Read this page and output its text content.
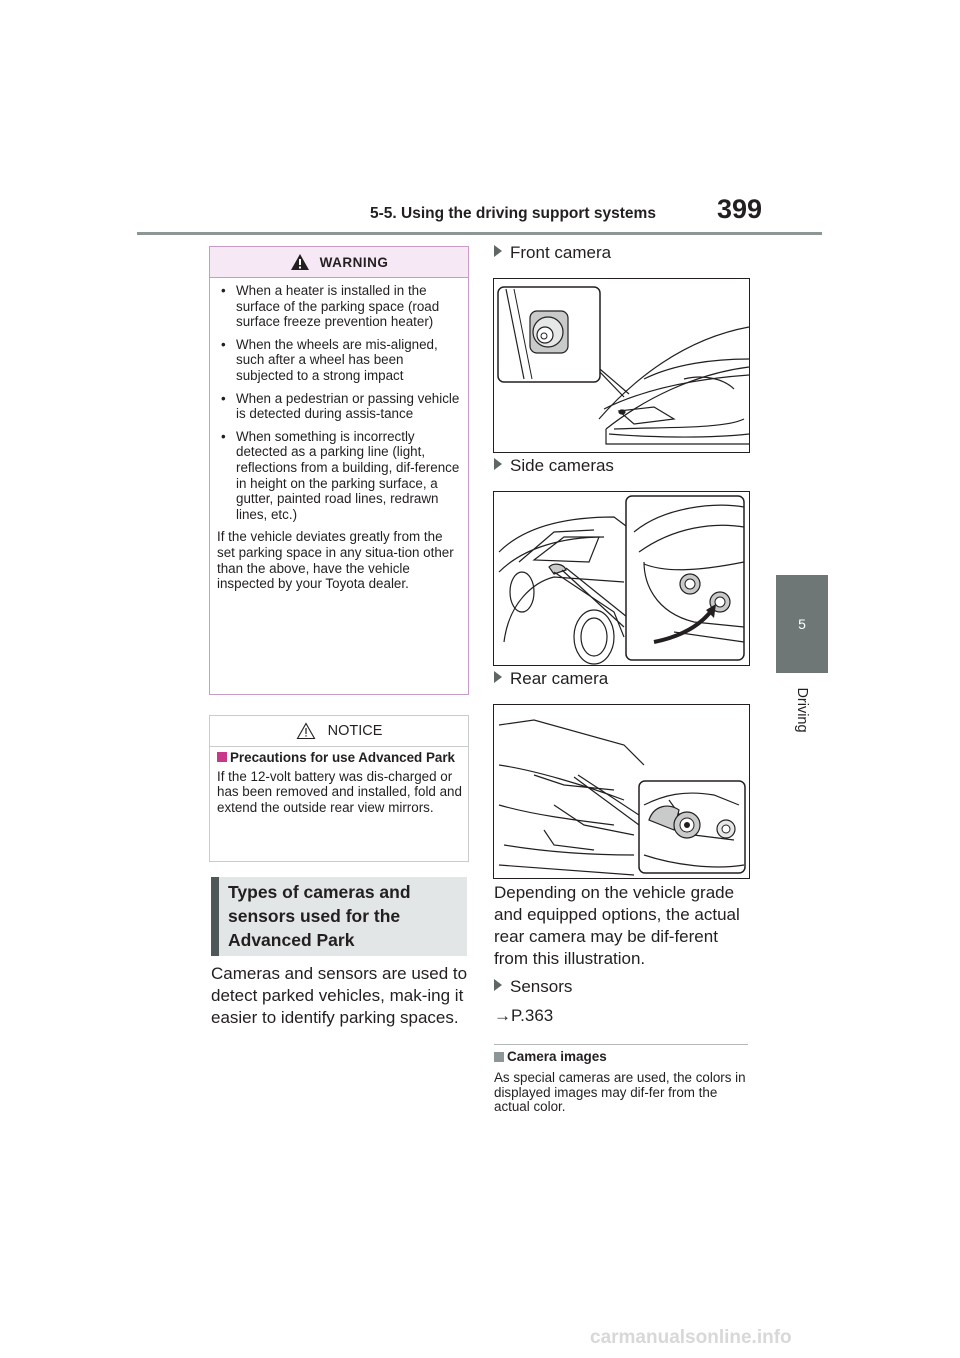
5-5. Using the driving support systems 399
5
Driving
WARNING
• When a heater is installed in the surface of the parking space (road surface freeze prevention heater)
• When the wheels are mis-aligned, such after a wheel has been subjected to a strong impact
• When a pedestrian or passing vehicle is detected during assis-tance
• When something is incorrectly detected as a parking line (light, reflections from a building, dif-ference in height on the parking surface, a gutter, painted road lines, redrawn lines, etc.)

If the vehicle deviates greatly from the set parking space in any situa-tion other than the above, have the vehicle inspected by your Toyota dealer.

NOTICE
Precautions for use Advanced Park

If the 12-volt battery was dis-charged or has been removed and installed, fold and extend the outside rear view mirrors.

Types of cameras and sensors used for the Advanced Park
Cameras and sensors are used to detect parked vehicles, mak-ing it easier to identify parking spaces.
Front camera
Side cameras
Rear camera
Depending on the vehicle grade and equipped options, the actual rear camera may be dif-ferent from this illustration.
Sensors
→P.363
Camera images
As special cameras are used, the colors in displayed images may dif-fer from the actual color.
carmanualsonline.info
